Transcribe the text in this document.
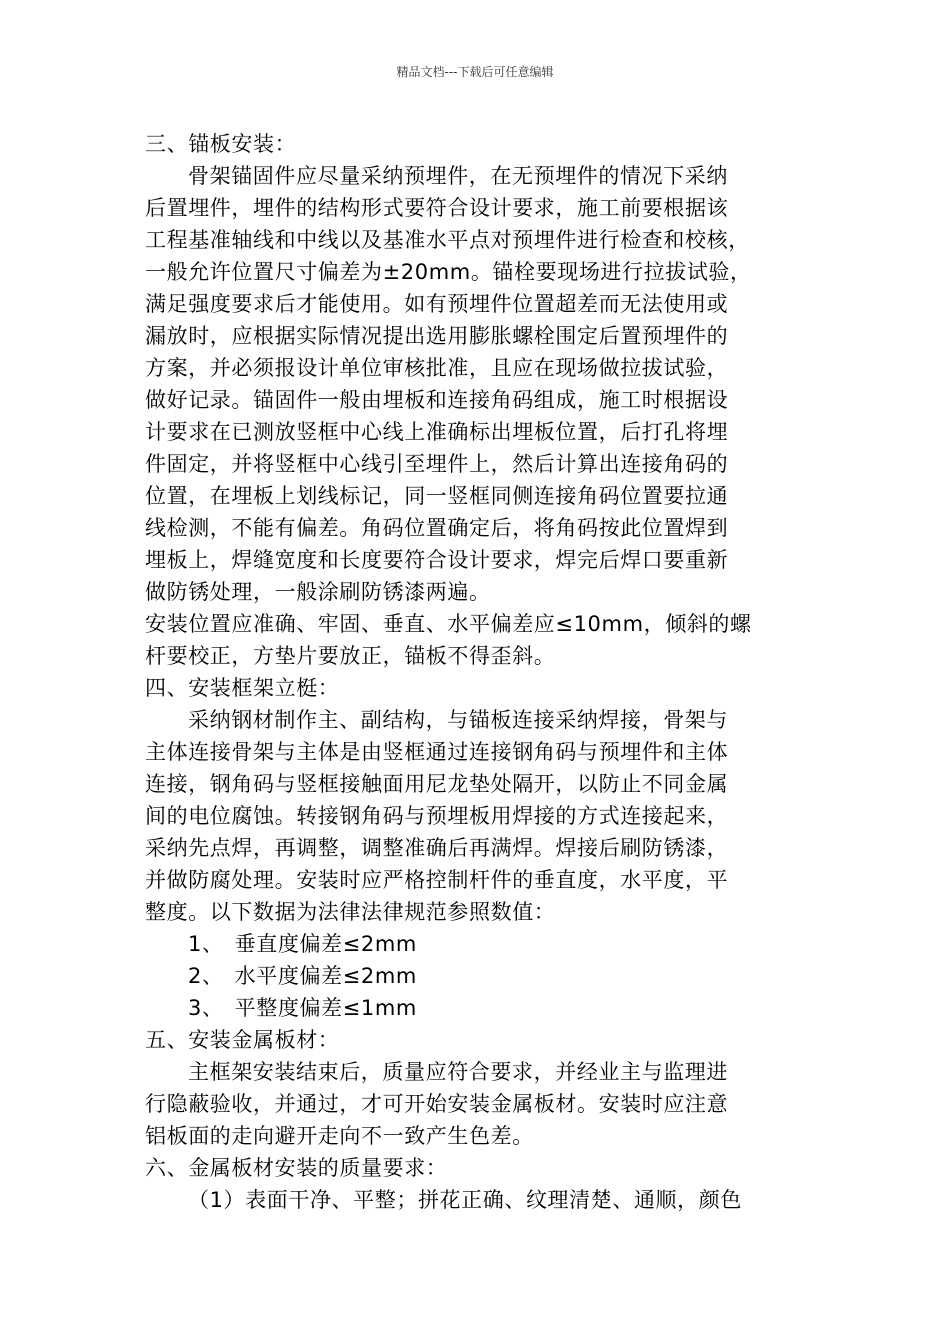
精品文档---下载后可任意编辑
三、锚板安装：
骨架锚固件应尽量采纳预埋件，在无预埋件的情况下采纳
后置埋件，埋件的结构形式要符合设计要求，施工前要根据该
工程基准轴线和中线以及基准水平点对预埋件进行检查和校核，
一般允许位置尺寸偏差为±20mm。锚栓要现场进行拉拔试验，
满足强度要求后才能使用。如有预埋件位置超差而无法使用或
漏放时，应根据实际情况提出选用膨胀螺栓围定后置预埋件的
方案，并必须报设计单位审核批准，且应在现场做拉拔试验，
做好记录。锚固件一般由埋板和连接角码组成，施工时根据设
计要求在已测放竖框中心线上准确标出埋板位置，后打孔将埋
件固定，并将竖框中心线引至埋件上，然后计算出连接角码的
位置，在埋板上划线标记，同一竖框同侧连接角码位置要拉通
线检测，不能有偏差。角码位置确定后，将角码按此位置焊到
埋板上，焊缝宽度和长度要符合设计要求，焊完后焊口要重新
做防锈处理，一般涂刷防锈漆两遍。
安装位置应准确、牢固、垂直、水平偏差应≤10mm，倾斜的螺
杆要校正，方垫片要放正，锚板不得歪斜。
四、安装框架立梃：
采纳钢材制作主、副结构，与锚板连接采纳焊接，骨架与
主体连接骨架与主体是由竖框通过连接钢角码与预埋件和主体
连接，钢角码与竖框接触面用尼龙垫处隔开，以防止不同金属
间的电位腐蚀。转接钢角码与预埋板用焊接的方式连接起来，
采纳先点焊，再调整，调整准确后再满焊。焊接后刷防锈漆，
并做防腐处理。安装时应严格控制杆件的垂直度，水平度，平
整度。以下数据为法律法律规范参照数值：
1、　垂直度偏差≤2mm
2、　水平度偏差≤2mm
3、　平整度偏差≤1mm
五、安装金属板材：
主框架安装结束后，质量应符合要求，并经业主与监理进
行隐蔽验收，并通过，才可开始安装金属板材。安装时应注意
铝板面的走向避开走向不一致产生色差。
六、金属板材安装的质量要求：
（1）表面干净、平整；拼花正确、纹理清楚、通顺，颜色
